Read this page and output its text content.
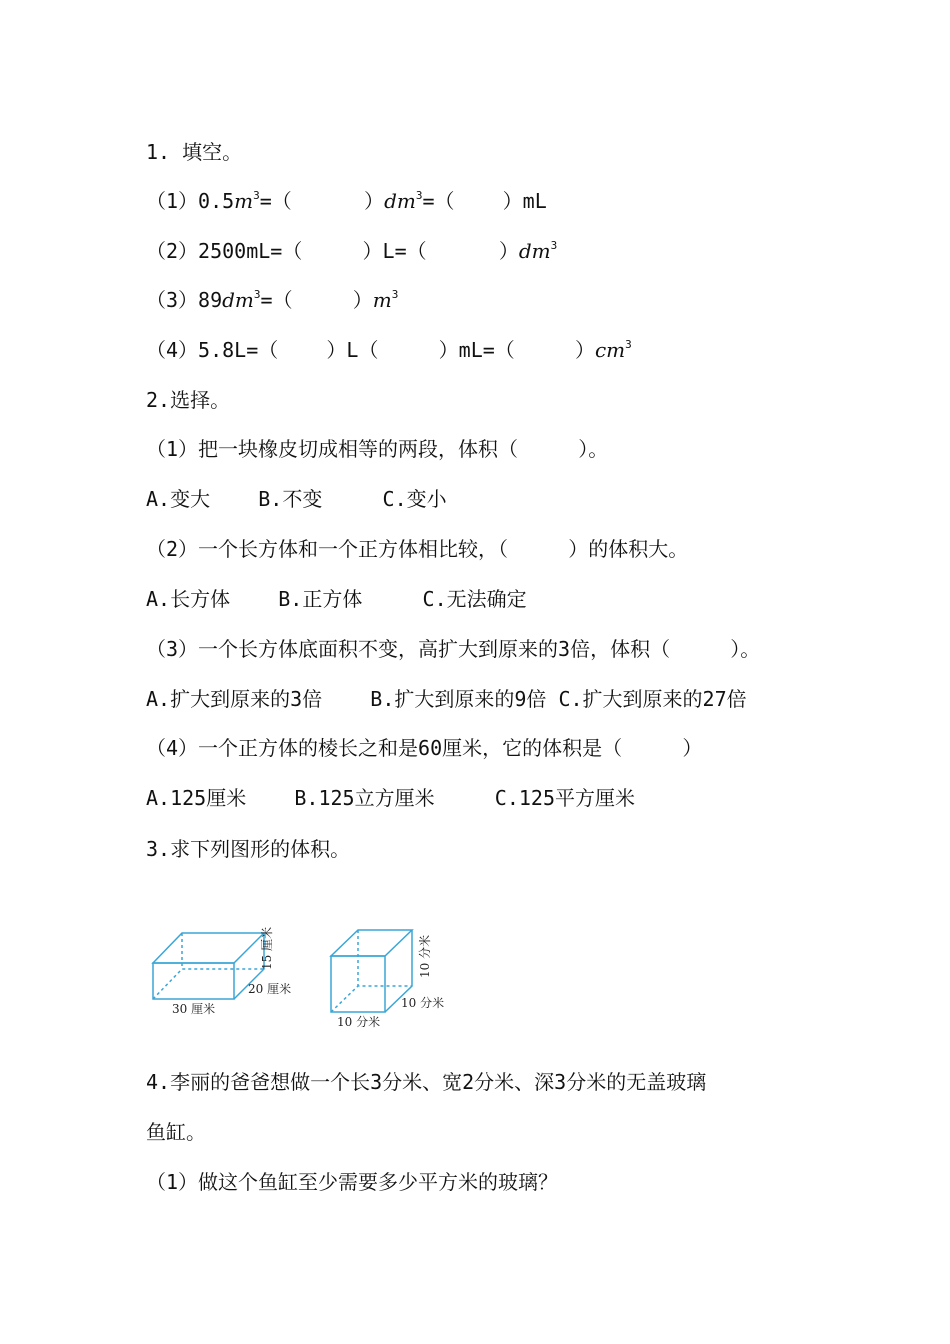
1. 填空。
$(1)0.5m^3=$（      ）$dm^3=$（    ）mL
（2）2500mL=（     ）L=（      ）$dm^3$
$(3)89dm^3=$（     ）$m^3$
（4）5.8L=（    ）L（     ）mL=（     ）$cm^3$
2.选择。
（1）把一块橡皮切成相等的两段，体积（     ）。
A.变大    B.不变     C.变小
（2）一个长方体和一个正方体相比较，（     ）的体积大。
A.长方体    B.正方体     C.无法确定
（3）一个长方体底面积不变，高扩大到原来的3倍，体积（     ）。
A.扩大到原来的3倍    B.扩大到原来的9倍 C.扩大到原来的27倍
（4）一个正方体的棱长之和是60厘米，它的体积是（     ）
A.125厘米    B.125立方厘米     C.125平方厘米
3.求下列图形的体积。
30 厘米
20 厘米
15 厘米
10 分米
10 分米
10 分米
4.李丽的爸爸想做一个长3分米、宽2分米、深3分米的无盖玻璃
鱼缸。
（1）做这个鱼缸至少需要多少平方米的玻璃？
